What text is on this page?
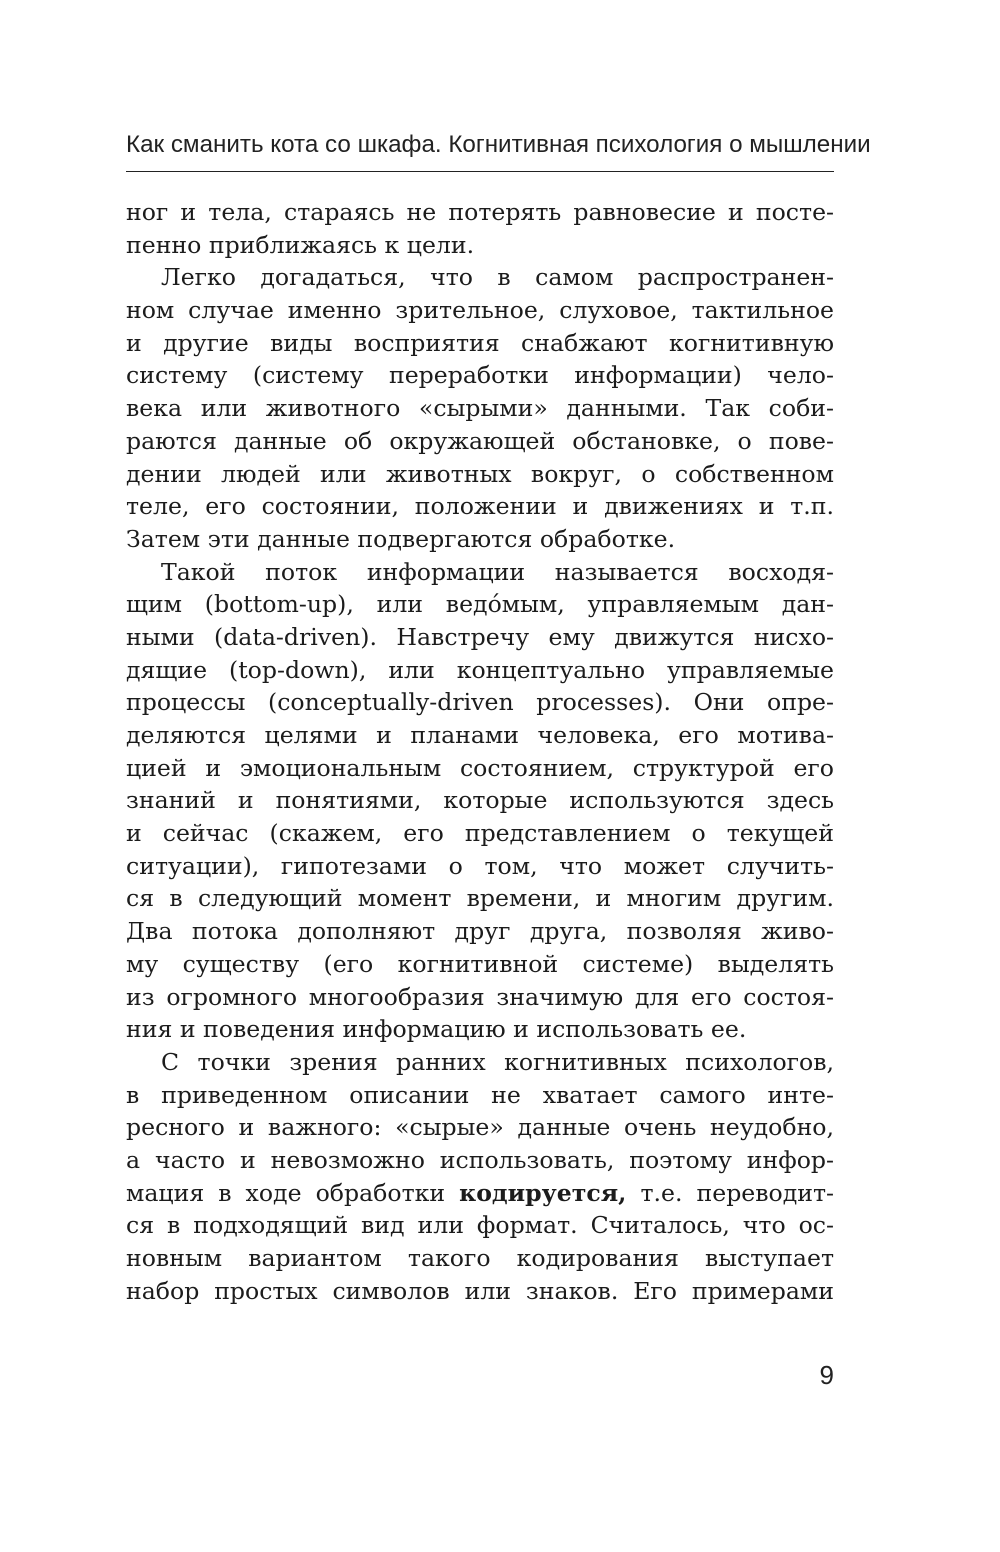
Как сманить кота со шкафа. Когнитивная психология о мышлении
ног и тела, стараясь не потерять равновесие и посте-
пенно приближаясь к цели.
Легко догадаться, что в самом распространен-
ном случае именно зрительное, слуховое, тактильное
и другие виды восприятия снабжают когнитивную
систему (систему переработки информации) чело-
века или животного «сырыми» данными. Так соби-
раются данные об окружающей обстановке, о пове-
дении людей или животных вокруг, о собственном
теле, его состоянии, положении и движениях и т.п.
Затем эти данные подвергаются обработке.
Такой поток информации называется восходя-
щим (bottom-up), или ведóмым, управляемым дан-
ными (data-driven). Навстречу ему движутся нисхо-
дящие (top-down), или концептуально управляемые
процессы (conceptually-driven processes). Они опре-
деляются целями и планами человека, его мотива-
цией и эмоциональным состоянием, структурой его
знаний и понятиями, которые используются здесь
и сейчас (скажем, его представлением о текущей
ситуации), гипотезами о том, что может случить-
ся в следующий момент времени, и многим другим.
Два потока дополняют друг друга, позволяя живо-
му существу (его когнитивной системе) выделять
из огромного многообразия значимую для его состоя-
ния и поведения информацию и использовать ее.
С точки зрения ранних когнитивных психологов,
в приведенном описании не хватает самого инте-
ресного и важного: «сырые» данные очень неудобно,
а часто и невозможно использовать, поэтому инфор-
мация в ходе обработки кодируется, т.е. переводит-
ся в подходящий вид или формат. Считалось, что ос-
новным вариантом такого кодирования выступает
набор простых символов или знаков. Его примерами
9
